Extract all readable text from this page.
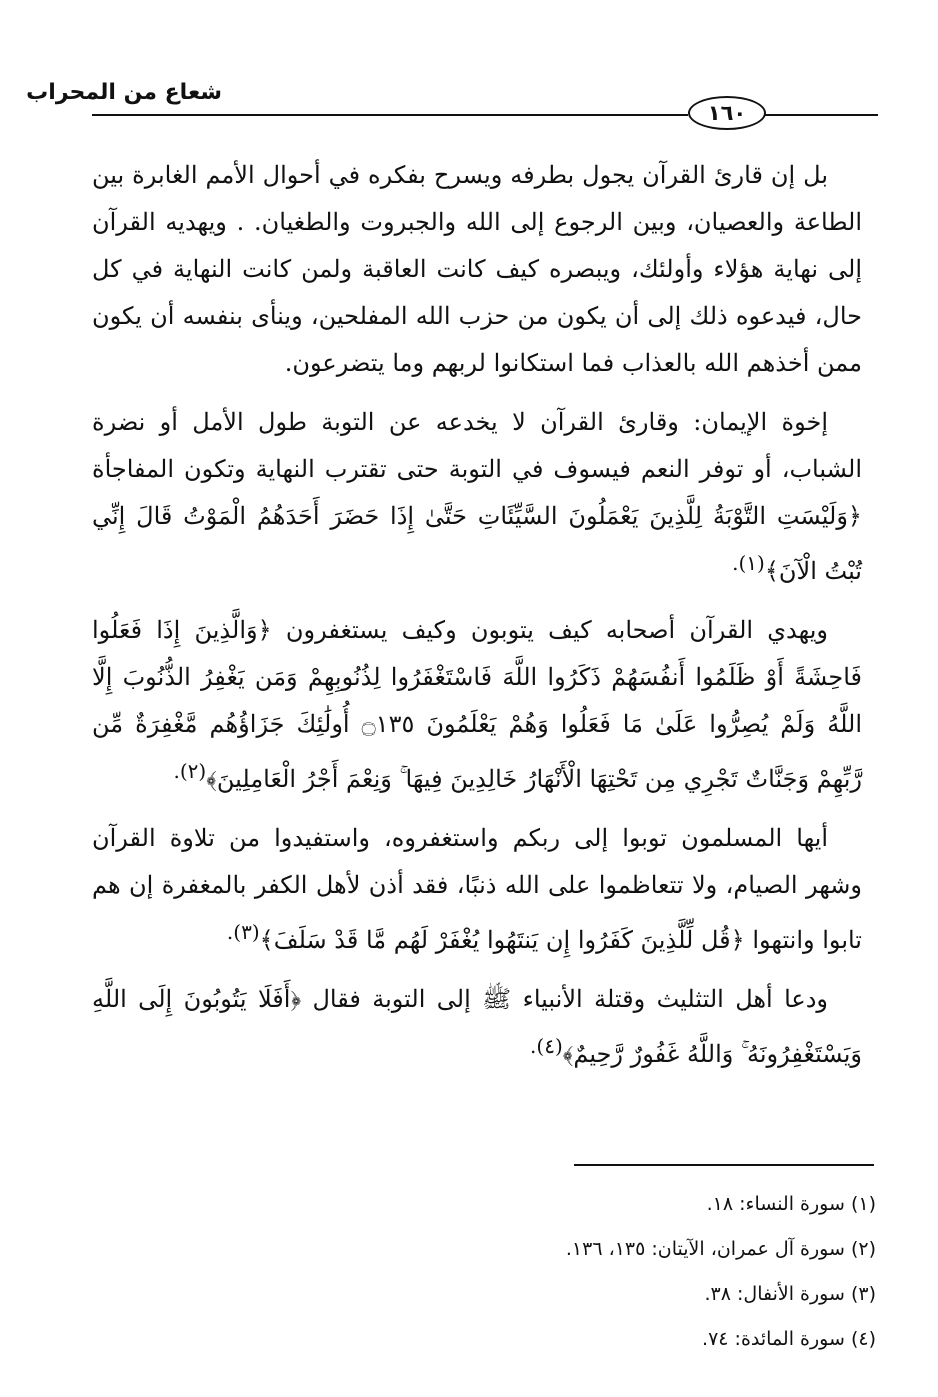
شعاع من المحراب
١٦٠

بل إن قارئ القرآن يجول بطرفه ويسرح بفكره في أحوال الأمم الغابرة بين الطاعة والعصيان، وبين الرجوع إلى الله والجبروت والطغيان. . ويهديه القرآن إلى نهاية هؤلاء وأولئك، ويبصره كيف كانت العاقبة ولمن كانت النهاية في كل حال، فيدعوه ذلك إلى أن يكون من حزب الله المفلحين، وينأى بنفسه أن يكون ممن أخذهم الله بالعذاب فما استكانوا لربهم وما يتضرعون.

إخوة الإيمان: وقارئ القرآن لا يخدعه عن التوبة طول الأمل أو نضرة الشباب، أو توفر النعم فيسوف في التوبة حتى تقترب النهاية وتكون المفاجأة ﴿وَلَيْسَتِ التَّوْبَةُ لِلَّذِينَ يَعْمَلُونَ السَّيِّئَاتِ حَتَّىٰ إِذَا حَضَرَ أَحَدَهُمُ الْمَوْتُ قَالَ إِنِّي تُبْتُ الْآنَ﴾$^{(١).}$

ويهدي القرآن أصحابه كيف يتوبون وكيف يستغفرون ﴿وَالَّذِينَ إِذَا فَعَلُوا فَاحِشَةً أَوْ ظَلَمُوا أَنفُسَهُمْ ذَكَرُوا اللَّهَ فَاسْتَغْفَرُوا لِذُنُوبِهِمْ وَمَن يَغْفِرُ الذُّنُوبَ إِلَّا اللَّهُ وَلَمْ يُصِرُّوا عَلَىٰ مَا فَعَلُوا وَهُمْ يَعْلَمُونَ ۝١٣٥ أُولَٰئِكَ جَزَاؤُهُم مَّغْفِرَةٌ مِّن رَّبِّهِمْ وَجَنَّاتٌ تَجْرِي مِن تَحْتِهَا الْأَنْهَارُ خَالِدِينَ فِيهَا ۚ وَنِعْمَ أَجْرُ الْعَامِلِينَ﴾$^{(٢).}$

أيها المسلمون توبوا إلى ربكم واستغفروه، واستفيدوا من تلاوة القرآن وشهر الصيام، ولا تتعاظموا على الله ذنبًا، فقد أذن لأهل الكفر بالمغفرة إن هم تابوا وانتهوا ﴿قُل لِّلَّذِينَ كَفَرُوا إِن يَنتَهُوا يُغْفَرْ لَهُم مَّا قَدْ سَلَفَ﴾$^{(٣).}$

ودعا أهل التثليث وقتلة الأنبياء ﷺ إلى التوبة فقال ﴿أَفَلَا يَتُوبُونَ إِلَى اللَّهِ وَيَسْتَغْفِرُونَهُ ۚ وَاللَّهُ غَفُورٌ رَّحِيمٌ﴾$^{(٤).}$

(١) سورة النساء: ١٨.
(٢) سورة آل عمران، الآيتان: ١٣٥، ١٣٦.
(٣) سورة الأنفال: ٣٨.
(٤) سورة المائدة: ٧٤.
